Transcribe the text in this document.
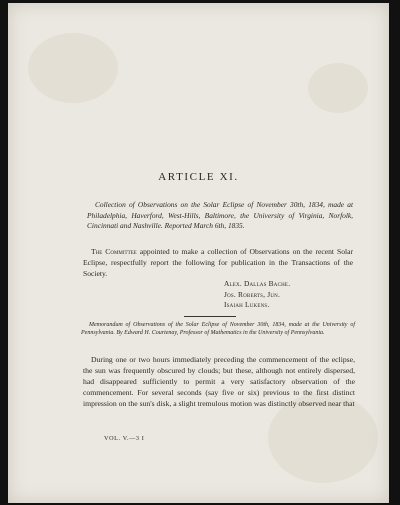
ARTICLE XI.
Collection of Observations on the Solar Eclipse of November 30th, 1834, made at Philadelphia, Haverford, West-Hills, Baltimore, the University of Virginia, Norfolk, Cincinnati and Nashville. Reported March 6th, 1835.
The Committee appointed to make a collection of Observations on the recent Solar Eclipse, respectfully report the following for publication in the Transactions of the Society.
Alex. Dallas Bache.
Jos. Roberts, Jun.
Isaiah Lukens.
Memorandum of Observations of the Solar Eclipse of November 30th, 1834, made at the University of Pennsylvania. By Edward H. Courtenay, Professor of Mathematics in the University of Pennsylvania.
During one or two hours immediately preceding the commencement of the eclipse, the sun was frequently obscured by clouds; but these, although not entirely dispersed, had disappeared sufficiently to permit a very satisfactory observation of the commencement. For several seconds (say five or six) previous to the first distinct impression on the sun's disk, a slight tremulous motion was distinctly observed near that
VOL. V.—3 I
